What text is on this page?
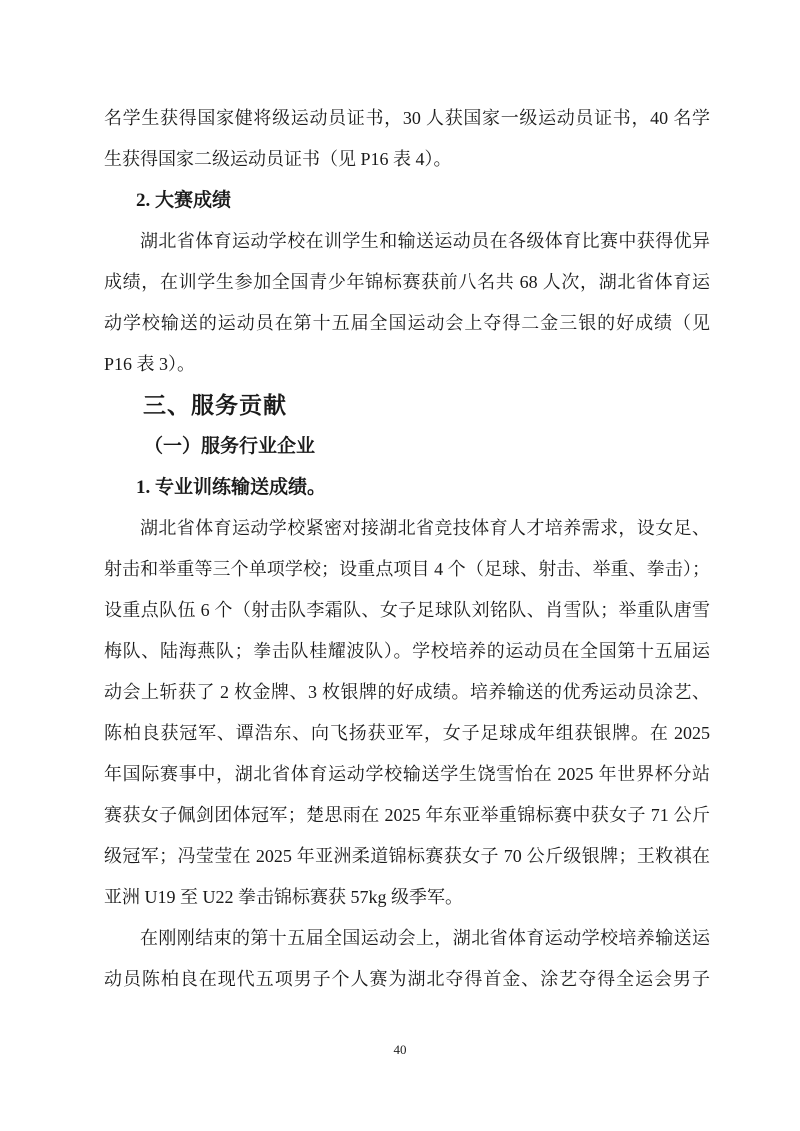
名学生获得国家健将级运动员证书，30 人获国家一级运动员证书，40 名学
生获得国家二级运动员证书（见 P16 表 4）。
2. 大赛成绩
湖北省体育运动学校在训学生和输送运动员在各级体育比赛中获得优异
成绩，在训学生参加全国青少年锦标赛获前八名共 68 人次，湖北省体育运
动学校输送的运动员在第十五届全国运动会上夺得二金三银的好成绩（见
P16 表 3）。
三、服务贡献
（一）服务行业企业
1. 专业训练输送成绩。
湖北省体育运动学校紧密对接湖北省竞技体育人才培养需求，设女足、
射击和举重等三个单项学校；设重点项目 4 个（足球、射击、举重、拳击）；
设重点队伍 6 个（射击队李霜队、女子足球队刘铭队、肖雪队；举重队唐雪
梅队、陆海燕队；拳击队桂耀波队）。学校培养的运动员在全国第十五届运
动会上斩获了 2 枚金牌、3 枚银牌的好成绩。培养输送的优秀运动员涂艺、
陈柏良获冠军、谭浩东、向飞扬获亚军，女子足球成年组获银牌。在 2025
年国际赛事中，湖北省体育运动学校输送学生饶雪怡在 2025 年世界杯分站
赛获女子佩剑团体冠军；楚思雨在 2025 年东亚举重锦标赛中获女子 71 公斤
级冠军；冯莹莹在 2025 年亚洲柔道锦标赛获女子 70 公斤级银牌；王敉祺在
亚洲 U19 至 U22 拳击锦标赛获 57kg 级季军。
在刚刚结束的第十五届全国运动会上，湖北省体育运动学校培养输送运
动员陈柏良在现代五项男子个人赛为湖北夺得首金、涂艺夺得全运会男子
40
